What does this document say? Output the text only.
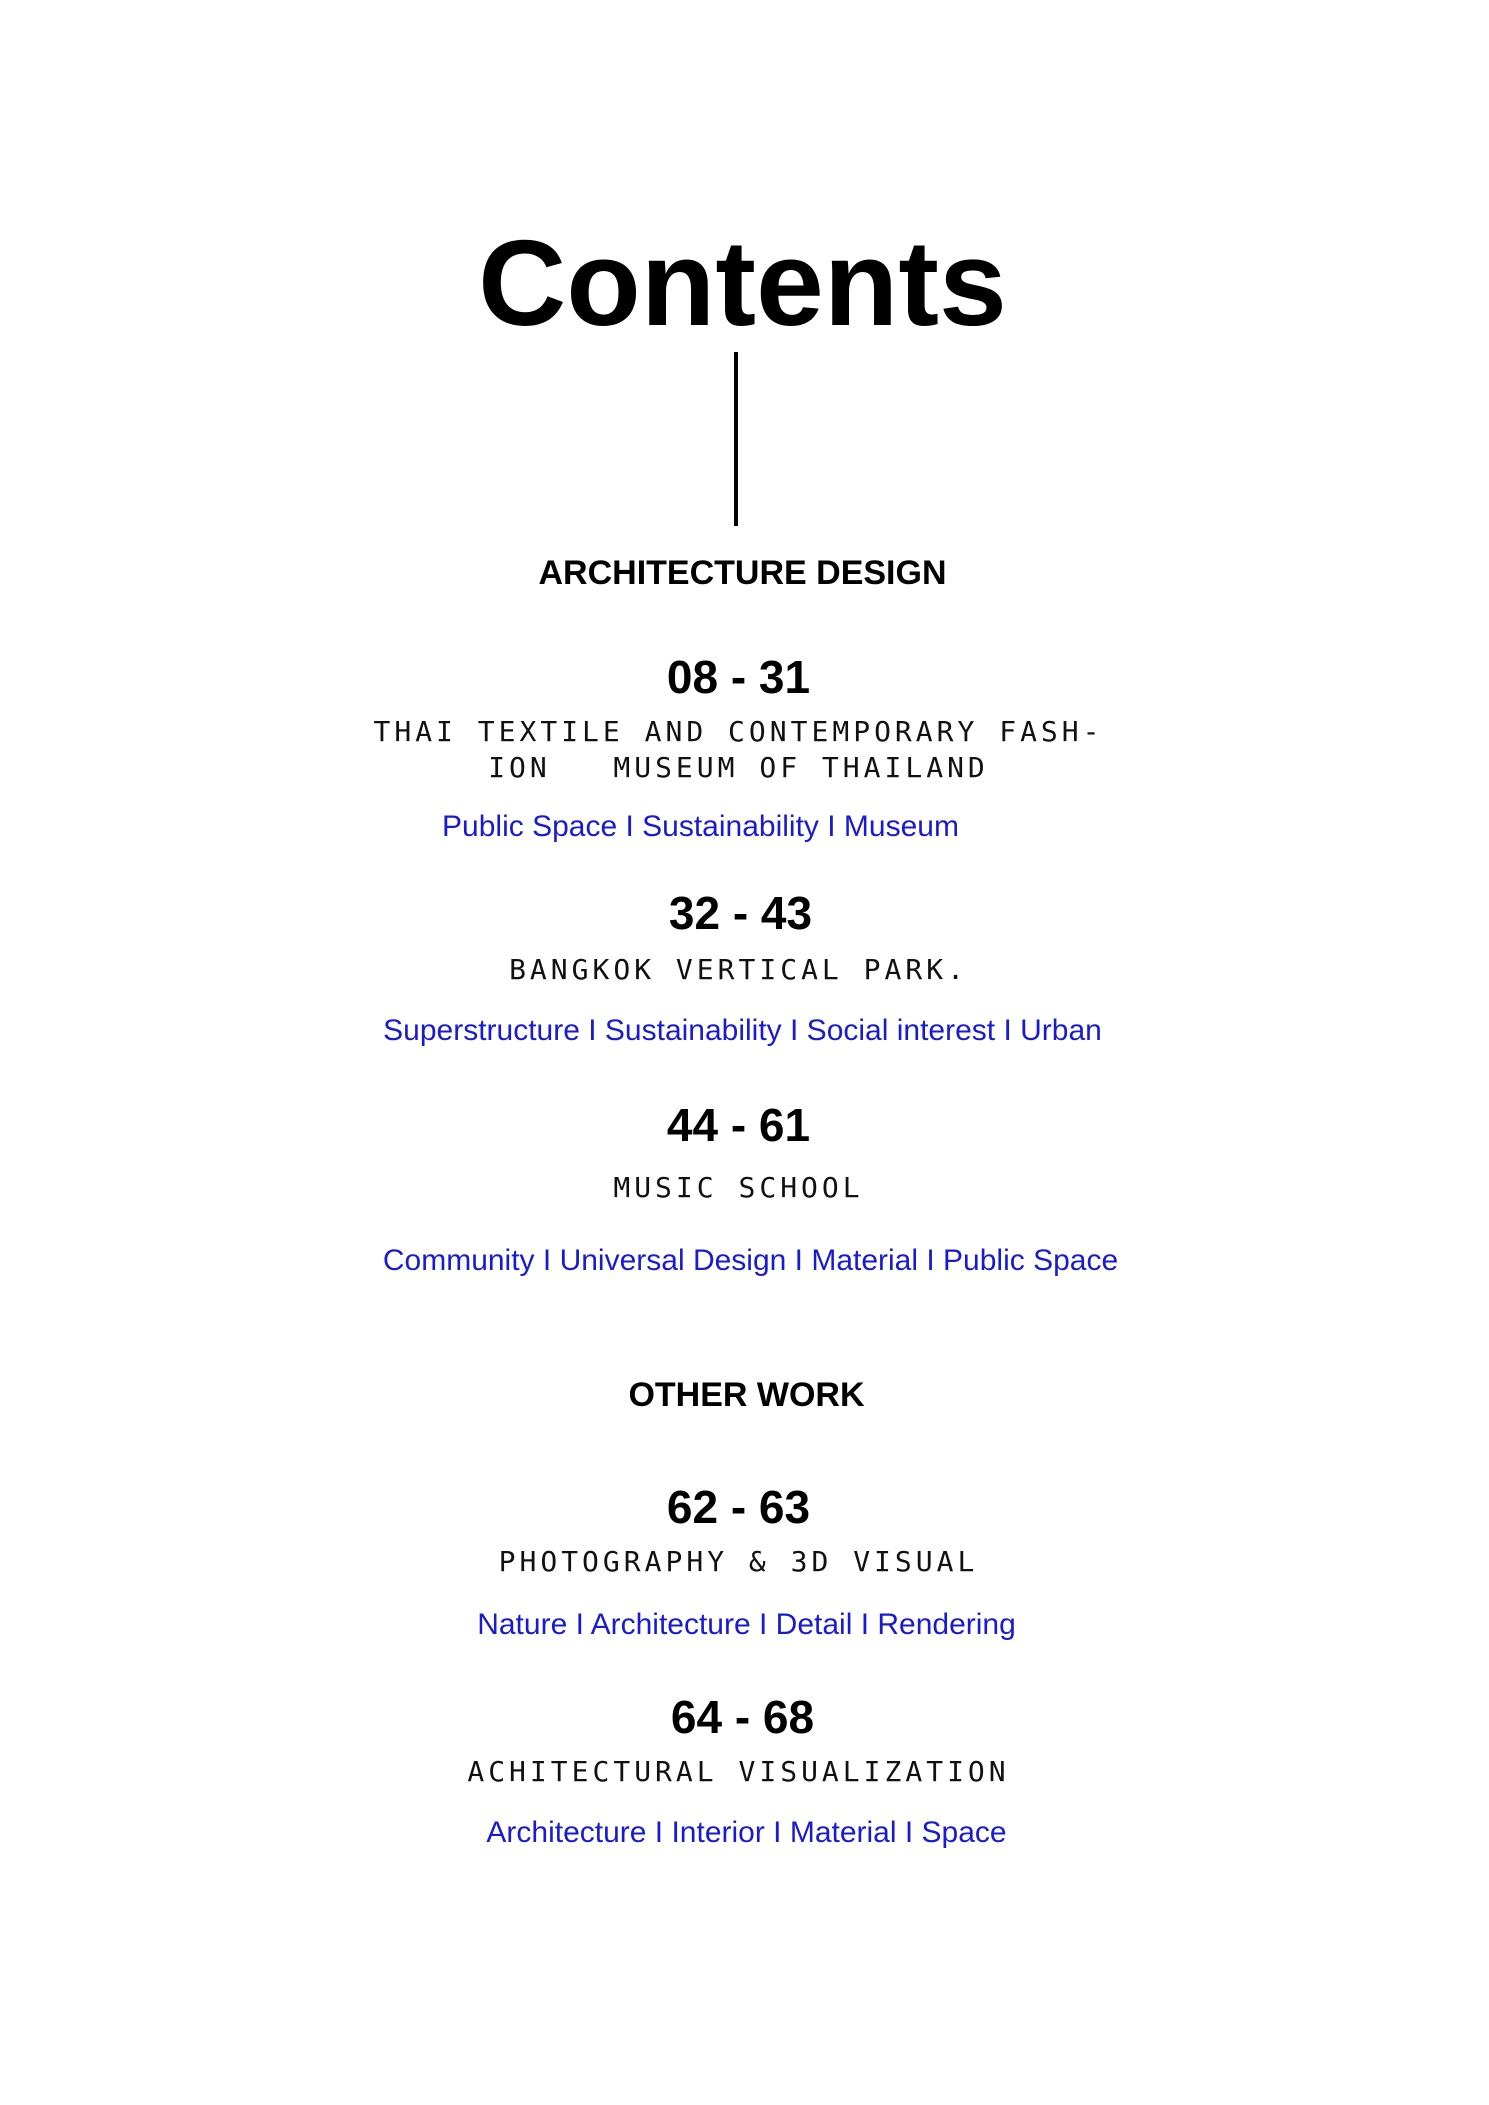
Contents
ARCHITECTURE DESIGN
08 - 31
THAI TEXTILE AND CONTEMPORARY FASH-
ION   MUSEUM OF THAILAND
Public Space I Sustainability I Museum
32 - 43
BANGKOK VERTICAL PARK.
Superstructure I Sustainability I Social interest I Urban
44 - 61
MUSIC SCHOOL
Community I Universal Design I Material I Public Space
OTHER WORK
62 - 63
PHOTOGRAPHY & 3D VISUAL
Nature I Architecture I Detail I Rendering
64 - 68
ACHITECTURAL VISUALIZATION
Architecture I Interior I Material I Space
